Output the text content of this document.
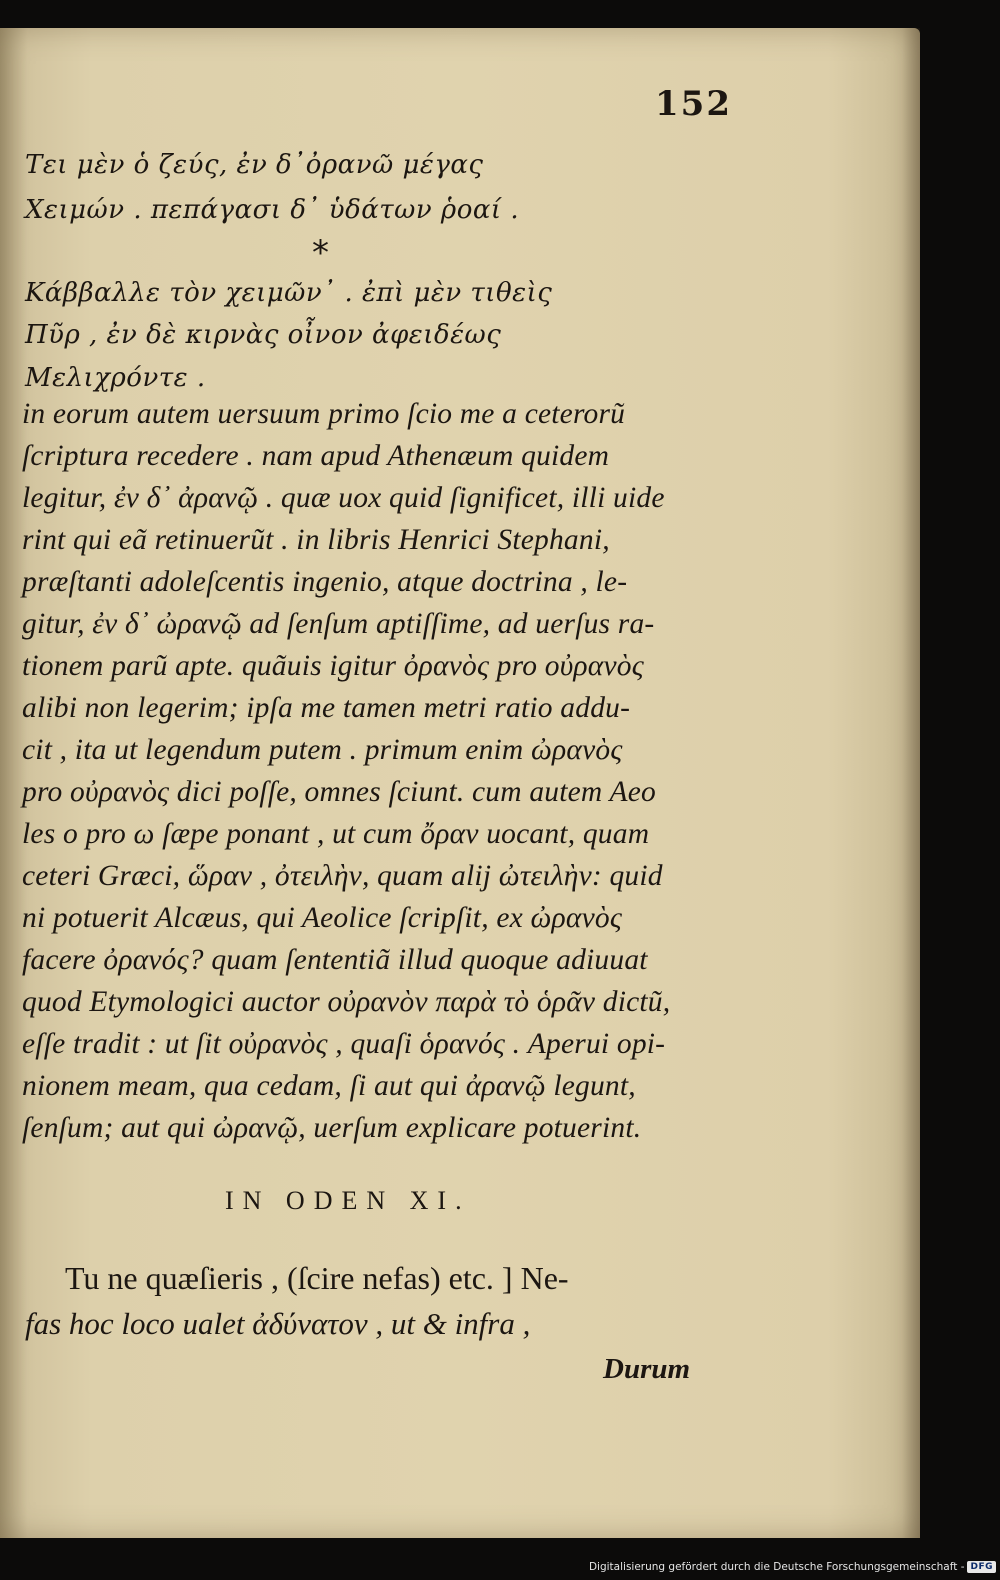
152
Τει μὲν ὁ ζεύς, ἐν δ᾽ὀρανῶ μέγας
Χειμών . πεπάγασι δ᾽ ὑδάτων ῥοαί .
*
Κάββαλλε τὸν χειμῶν᾽ . ἐπὶ μὲν τιθεὶς
Πῦρ , ἐν δὲ κιρνὰς οἶνον ἀφειδέως
Μελιχρόντε .
in eorum autem uersuum primo ſcio me a ceterorũ
ſcriptura recedere . nam apud Athenæum quidem
legitur, ἐν δ᾽ ἀρανῷ . quæ uox quid ſignificet, illi uide
rint qui eã retinuerũt . in libris Henrici Stephani,
præſtanti adoleſcentis ingenio, atque doctrina , le-
gitur, ἐν δ᾽ ὠρανῷ ad ſenſum aptiſſime, ad uerſus ra-
tionem parũ apte. quãuis igitur ὀρανὸς pro οὐρανὸς
alibi non legerim; ipſa me tamen metri ratio addu-
cit , ita ut legendum putem . primum enim ὠρανὸς
pro οὐρανὸς dici poſſe, omnes ſciunt. cum autem Aeo
les o pro ω ſæpe ponant , ut cum ὄραν uocant, quam
ceteri Græci, ὥραν , ὀτειλὴν, quam alij ὠτειλὴν: quid
ni potuerit Alcæus, qui Aeolice ſcripſit, ex ὠρανὸς
facere ὀρανός? quam ſententiã illud quoque adiuuat
quod Etymologici auctor οὐρανὸν παρὰ τὸ ὁρᾶν dictũ,
eſſe tradit : ut ſit οὐρανὸς , quaſi ὁρανός . Aperui opi-
nionem meam, qua cedam, ſi aut qui ἀρανῷ legunt,
ſenſum; aut qui ὠρανῷ, uerſum explicare potuerint.
IN ODEN XI.
Tu ne quæſieris , (ſcire nefas) etc. ] Ne-
fas hoc loco ualet ἀδύνατον , ut & infra ,
Durum
Digitalisierung gefördert durch die Deutsche Forschungsgemeinschaft - DFG
